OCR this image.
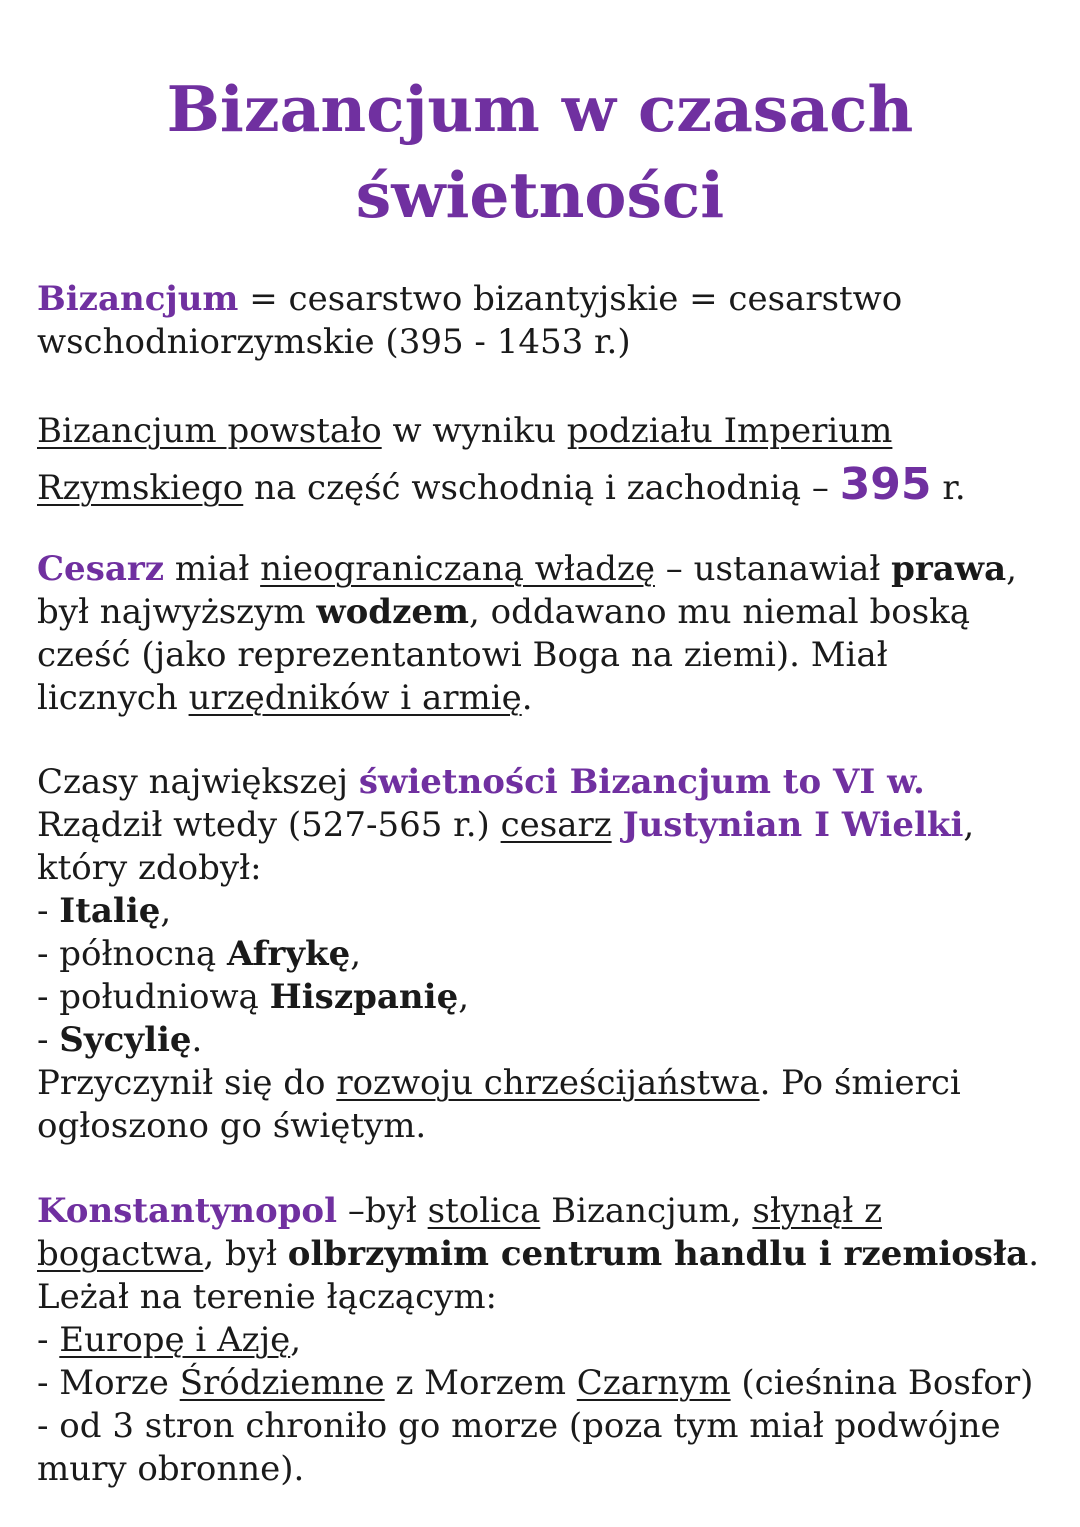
Bizancjum w czasach
świetności

Bizancjum = cesarstwo bizantyjskie = cesarstwo
wschodniorzymskie (395 - 1453 r.)

Bizancjum powstało w wyniku podziału Imperium
Rzymskiego na część wschodnią i zachodnią – 395 r.

Cesarz miał nieograniczaną władzę – ustanawiał prawa,
był najwyższym wodzem, oddawano mu niemal boską
cześć (jako reprezentantowi Boga na ziemi). Miał
licznych urzędników i armię.

Czasy największej świetności Bizancjum to VI w.
Rządził wtedy (527-565 r.) cesarz Justynian I Wielki,
który zdobył:
- Italię,
- północną Afrykę,
- południową Hiszpanię,
- Sycylię.
Przyczynił się do rozwoju chrześcijaństwa. Po śmierci
ogłoszono go świętym.

Konstantynopol –był stolica Bizancjum, słynął z
bogactwa, był olbrzymim centrum handlu i rzemiosła.
Leżał na terenie łączącym:
- Europę i Azję,
- Morze Śródziemne z Morzem Czarnym (cieśnina Bosfor)
- od 3 stron chroniło go morze (poza tym miał podwójne
mury obronne).
